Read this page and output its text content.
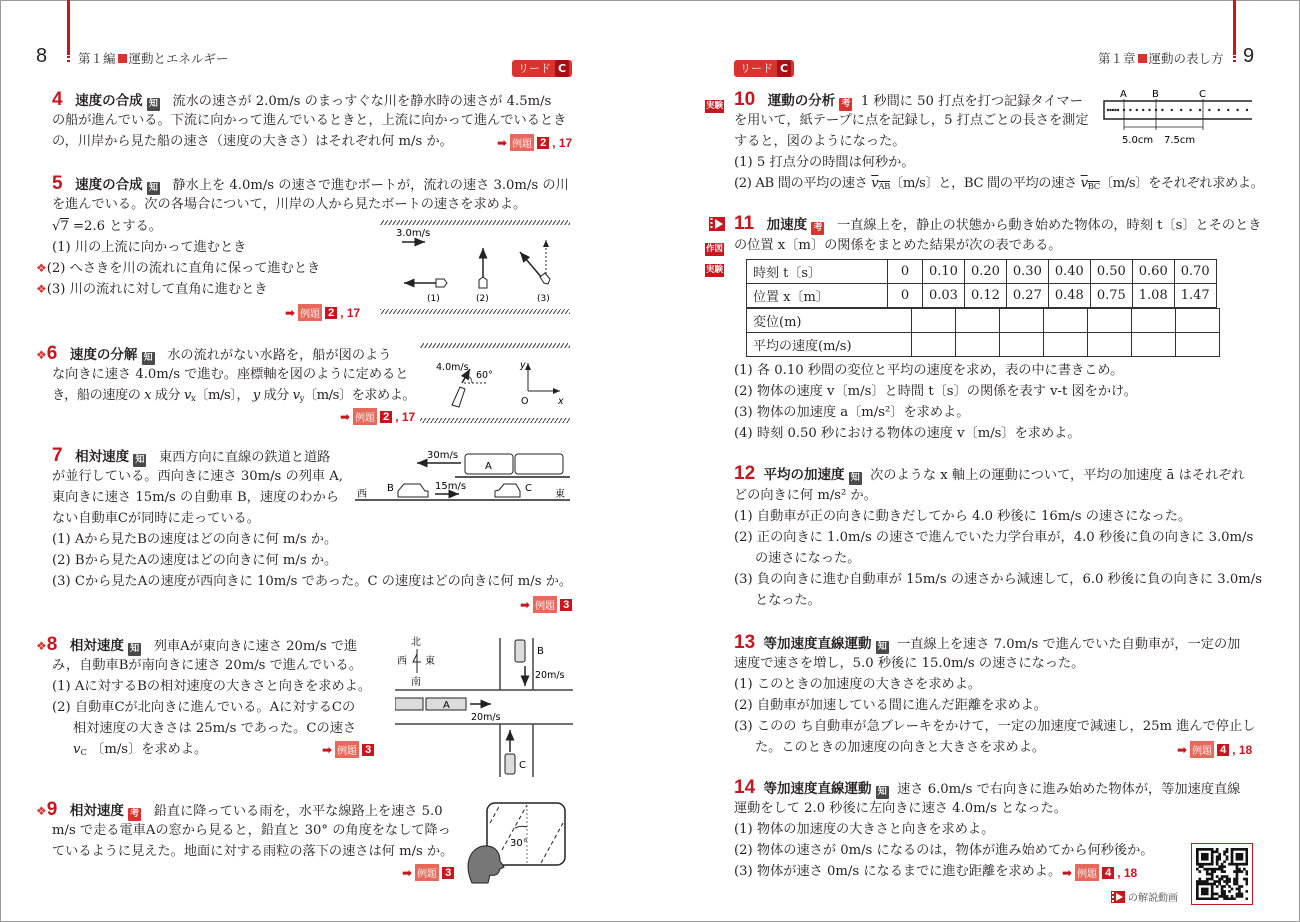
8 第１編 運動とエネルギー
リード C
4 速度の合成 知 流水の速さが 2.0m/s のまっすぐな川を静水時の速さが 4.5m/s
の船が進んでいる。下流に向かって進んでいるときと，上流に向かって進んでいるとき
の，川岸から見た船の速さ（速度の大きさ）はそれぞれ何 m/s か。	➡ 例題 2 , 17
5 速度の合成 知 静水上を 4.0m/s の速さで進むボートが，流れの速さ 3.0m/s の川
を進んでいる。次の各場合について，川岸の人から見たボートの速さを求めよ。
√7 =2.6 とする。
(1) 川の上流に向かって進むとき
❖(2) へさきを川の流れに直角に保って進むとき
❖(3) 川の流れに対して直角に進むとき
➡ 例題 2 , 17
3.0m/s
(1)	(2)	(3)
❖6 速度の分解 知 水の流れがない水路を，船が図のよう
な向きに速さ 4.0m/s で進む。座標軸を図のように定めると
き，船の速度の x 成分 $v_x$〔m/s〕， y 成分 $v_y$〔m/s〕を求めよ。
➡ 例題 2 , 17
4.0m/s
60°
y
O	x
7 相対速度 知 東西方向に直線の鉄道と道路
が並行している。西向きに速さ 30m/s の列車 A,
東向きに速さ 15m/s の自動車 B，速度のわから
ない自動車Cが同時に走っている。
(1) Aから見たBの速度はどの向きに何 m/s か。
(2) Bから見たAの速度はどの向きに何 m/s か。
(3) Cから見たAの速度が西向きに 10m/s であった。C の速度はどの向きに何 m/s か。
➡ 例題 3
30m/s
A
西	東
B	15m/s	C
❖8 相対速度 知 列車Aが東向きに速さ 20m/s で進
み，自動車Bが南向きに速さ 20m/s で進んでいる。
(1) Aに対するBの相対速度の大きさと向きを求めよ。
(2) 自動車Cが北向きに進んでいる。Aに対するCの
相対速度の大きさは 25m/s であった。Cの速さ
$v_C$ 〔m/s〕を求めよ。	➡ 例題 3
北
西 東
南
B
20m/s
A
20m/s
C
❖9 相対速度 考 鉛直に降っている雨を，水平な線路上を速さ 5.0
m/s で走る電車Aの窓から見ると，鉛直と 30° の角度をなして降っ
ているように見えた。地面に対する雨粒の落下の速さは何 m/s か。
➡ 例題 3
30°
9
第１章 運動の表し方
リード C
実験 10 運動の分析 考 1 秒間に 50 打点を打つ記録タイマー
を用いて，紙テープに点を記録し，5 打点ごとの長さを測定
すると，図のようになった。
(1) 5 打点分の時間は何秒か。
(2) AB 間の平均の速さ $v_{AB}$〔m/s〕と，BC 間の平均の速さ $v_{BC}$〔m/s〕をそれぞれ求めよ。
A	B	C
5.0cm 7.5cm
作図
実験
11 加速度 考 一直線上を，静止の状態から動き始めた物体の，時刻 t〔s〕とそのとき
の位置 x〔m〕の関係をまとめた結果が次の表である。
時刻 t〔s〕	0	0.10	0.20	0.30	0.40	0.50	0.60	0.70
位置 x〔m〕	0	0.03	0.12	0.27	0.48	0.75	1.08	1.47
変位(m)							
平均の速度(m/s)							
(1) 各 0.10 秒間の変位と平均の速度を求め，表の中に書きこめ。
(2) 物体の速度 v〔m/s〕と時間 t〔s〕の関係を表す v-t 図をかけ。
(3) 物体の加速度 a〔m/s²〕を求めよ。
(4) 時刻 0.50 秒における物体の速度 v〔m/s〕を求めよ。
12 平均の加速度 知 次のような x 軸上の運動について，平均の加速度 ā はそれぞれ
どの向きに何 m/s² か。
(1) 自動車が正の向きに動きだしてから 4.0 秒後に 16m/s の速さになった。
(2) 正の向きに 1.0m/s の速さで進んでいた力学台車が，4.0 秒後に負の向きに 3.0m/s
の速さになった。
(3) 負の向きに進む自動車が 15m/s の速さから減速して，6.0 秒後に負の向きに 3.0m/s
となった。
13 等加速度直線運動 知 一直線上を速さ 7.0m/s で進んでいた自動車が，一定の加
速度で速さを増し，5.0 秒後に 15.0m/s の速さになった。
(1) このときの加速度の大きさを求めよ。
(2) 自動車が加速している間に進んだ距離を求めよ。
(3) このの ち自動車が急ブレーキをかけて，一定の加速度で減速し，25m 進んで停止し
た。このときの加速度の向きと大きさを求めよ。	➡ 例題 4 , 18
14 等加速度直線運動 知 速さ 6.0m/s で右向きに進み始めた物体が，等加速度直線
運動をして 2.0 秒後に左向きに速さ 4.0m/s となった。
(1) 物体の加速度の大きさと向きを求めよ。
(2) 物体の速さが 0m/s になるのは，物体が進み始めてから何秒後か。
(3) 物体が速さ 0m/s になるまでに進む距離を求めよ。 ➡ 例題 4 , 18
の解説動画
